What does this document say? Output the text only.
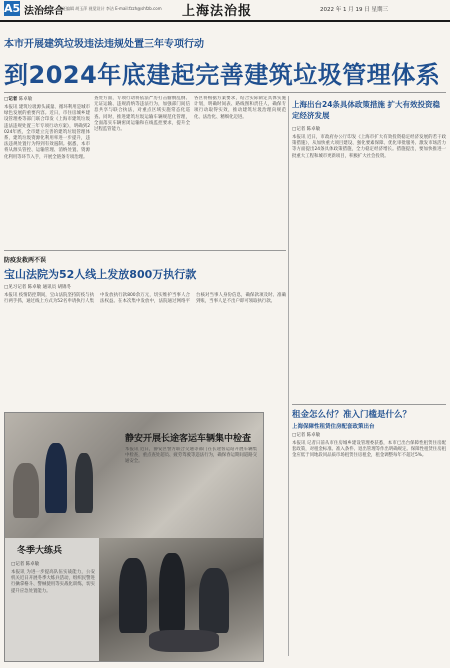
A5 法治综合
责任编辑 胡玉萍 视觉设计 李洁 E-mail:fzzh@shfzb.com 上海法治报	2022 年 1 月 19 日 星期三
本市开展建筑垃圾违法违规处置三年专项行动
到2024年底建起完善建筑垃圾管理体系
□记者 陈卓敏
本报讯 建筑垃圾源头减量、循环利用是城市绿色发展的重要内容。近日，市住房城乡建设管理委等部门联合印发《上海市建筑垃圾违法违规处置三年专项行动方案》，明确到2024年底，全市建立完善的建筑垃圾管理体系，建筑垃圾资源化利用率进一步提升，违法违规处置行为得到有效遏制。据悉，本市将从源头管控、运输管理、消纳处置、资源化利用等环节入手，开展全链条专项治理。
查处方面，专项行动将依法严厉打击偷倒乱倒、无证运输、违规消纳等违法行为，加强部门间信息共享与联合执法，对重点区域实施常态化巡查。同时，推进建筑垃圾运输车辆规范化管理，全面落实车辆密闭运输和在线监控要求，提升全过程监管能力。
各区将根据方案要求，结合实际制定具体实施计划，明确时间表、路线图和责任人，确保专项行动取得实效，推动建筑垃圾治理向规范化、法治化、精细化迈进。
上海出台24条具体政策措施 扩大有效投资稳定经济发展
□记者 陈卓敏
本报讯 近日，市政府办公厅印发《上海市扩大有效投资稳定经济发展的若干政策措施》，从加快重大项目建设、强化要素保障、优化审批服务、激发市场活力等方面提出24条具体政策措施，全力稳定经济增长。措施提出，要加快推进一批重大工程和城市更新项目，积极扩大社会投资。
防疫发救两不误
宝山法院为52人线上发放800万执行款
□见习记者 陈卓敏 通讯员 胡锦冬
本报讯 疫情防控期间，宝山法院坚持防疫与执行两手抓，通过线上方式为52名申请执行人集中发放执行款800余万元，切实维护当事人合法权益。在本次集中发放中，法院通过网络平台核对当事人身份信息，确保款项及时、准确到账，当事人足不出户即可领取执行款。
租金怎么付？准入门槛是什么？
上海保障性租赁住房配套政策出台
□记者 陈卓敏
本报讯 记者日前从市住房城乡建设管理委获悉，本市已出台保障性租赁住房配套政策，对租金标准、准入条件、退出管理等作出明确规定。保障性租赁住房租金应低于同地段同品质市场租赁住房租金，租金调整每年不超过5%。
静安开展长途客运车辆集中检查
本报讯 近日，静安区警方联合交通等部门在长途客运站开展车辆集中检查，重点查处超员、疲劳驾驶等违法行为，确保春运期间道路交通安全。
冬季大练兵
□记者 陈卓敏
本报讯 为进一步提高队伍实战能力，公安机关近日开展冬季大练兵活动，组织民警进行擒拿格斗、警械使用等实战化训练，切实提升应急处置能力。
